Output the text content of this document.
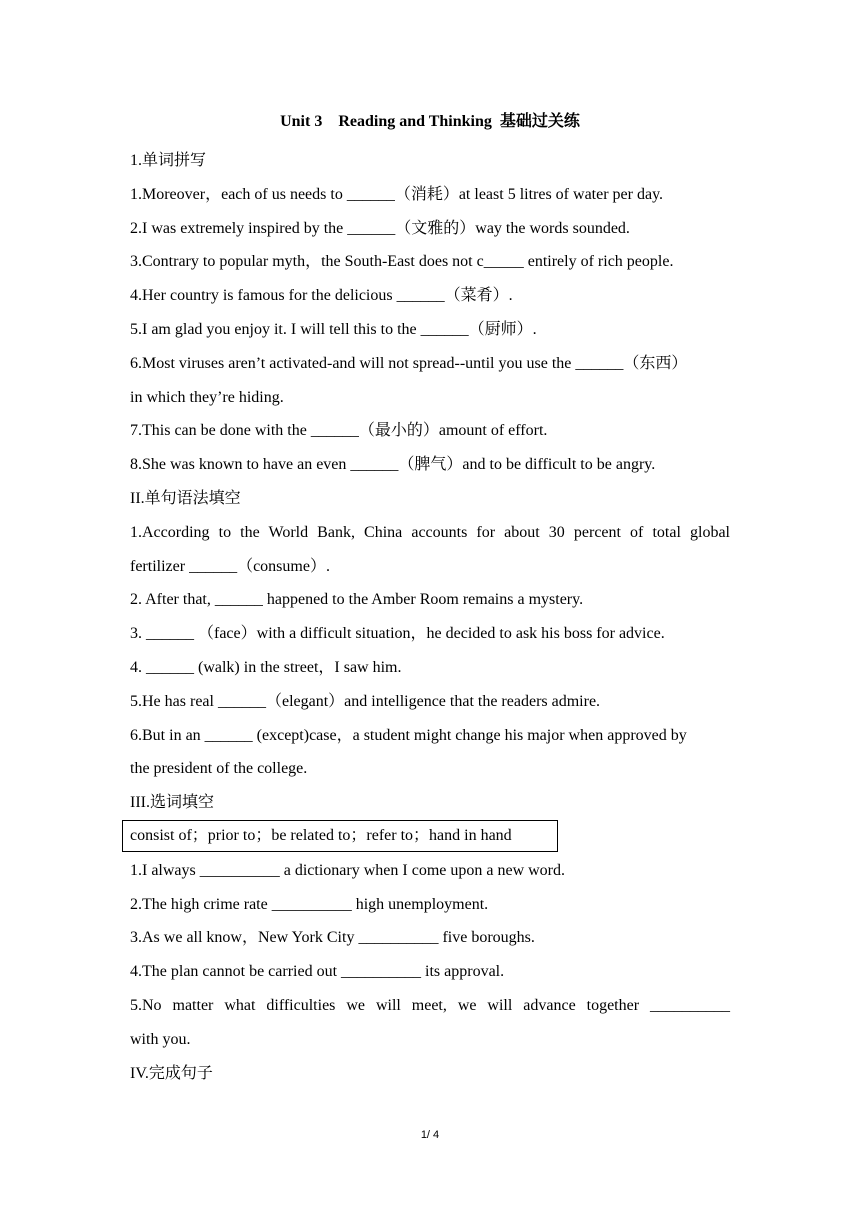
Unit 3    Reading and Thinking  基础过关练
1.单词拼写
1.Moreover，each of us needs to ______（消耗）at least 5 litres of water per day.
2.I was extremely inspired by the ______（文雅的）way the words sounded.
3.Contrary to popular myth，the South-East does not c_____ entirely of rich people.
4.Her country is famous for the delicious ______（菜肴）.
5.I am glad you enjoy it. I will tell this to the ______（厨师）.
6.Most viruses aren’t activated-and will not spread--until you use the ______（东西）
in which they’re hiding.
7.This can be done with the ______（最小的）amount of effort.
8.She was known to have an even ______（脾气）and to be difficult to be angry.
II.单句语法填空
1.According to the World Bank, China accounts for about 30 percent of total global
fertilizer ______（consume）.
2. After that, ______ happened to the Amber Room remains a mystery.
3. ______ （face）with a difficult situation，he decided to ask his boss for advice.
4. ______ (walk) in the street，I saw him.
5.He has real ______（elegant）and intelligence that the readers admire.
6.But in an ______ (except)case，a student might change his major when approved by
the president of the college.
III.选词填空
consist of；prior to；be related to；refer to；hand in hand
1.I always __________ a dictionary when I come upon a new word.
2.The high crime rate __________ high unemployment.
3.As we all know，New York City __________ five boroughs.
4.The plan cannot be carried out __________ its approval.
5.No matter what difficulties we will meet, we will advance together __________
with you.
IV.完成句子
1/ 4
